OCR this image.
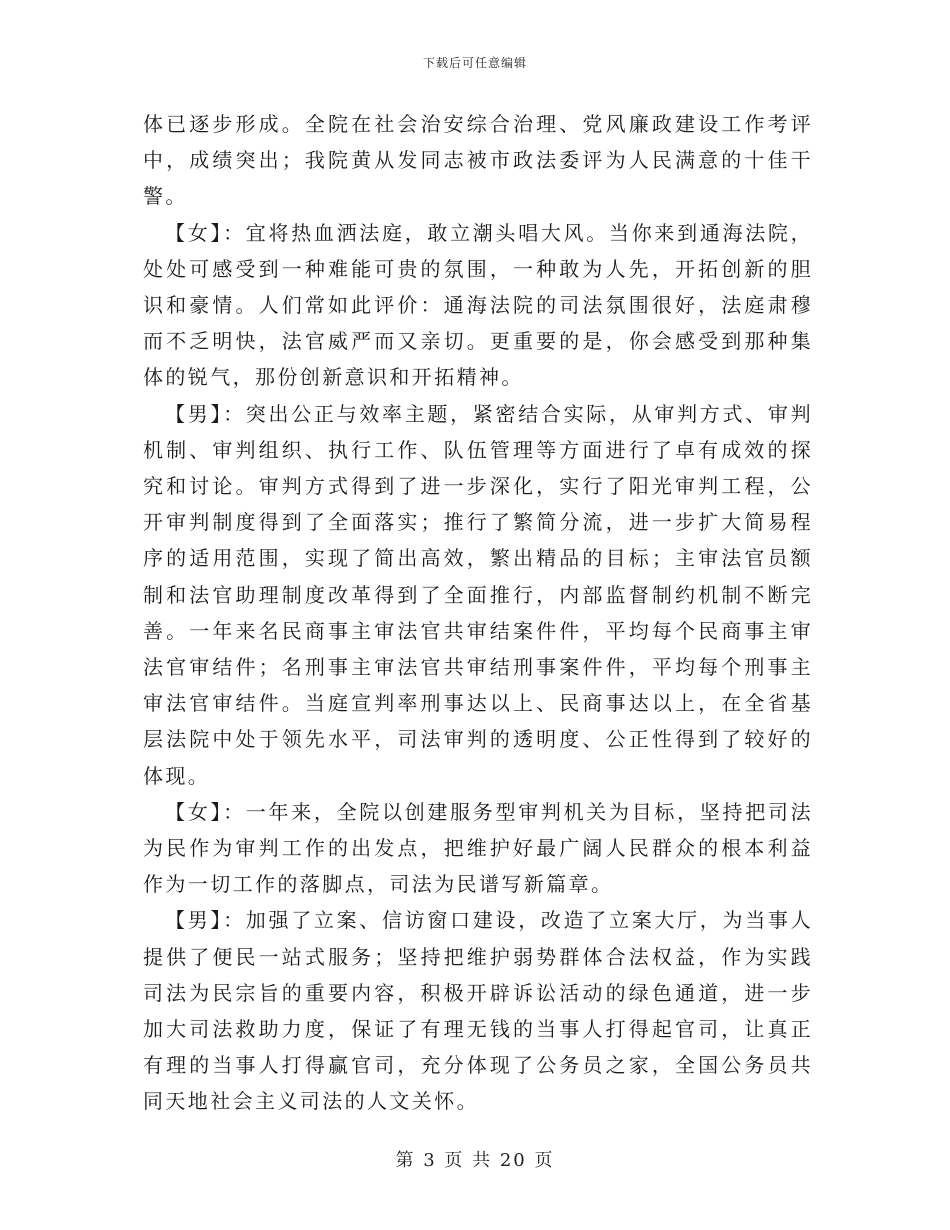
下载后可任意编辑

体已逐步形成。全院在社会治安综合治理、党风廉政建设工作考评中，成绩突出；我院黄从发同志被市政法委评为人民满意的十佳干警。

【女】：宜将热血洒法庭，敢立潮头唱大风。当你来到通海法院，处处可感受到一种难能可贵的氛围，一种敢为人先，开拓创新的胆识和豪情。人们常如此评价：通海法院的司法氛围很好，法庭肃穆而不乏明快，法官威严而又亲切。更重要的是，你会感受到那种集体的锐气，那份创新意识和开拓精神。

【男】：突出公正与效率主题，紧密结合实际，从审判方式、审判机制、审判组织、执行工作、队伍管理等方面进行了卓有成效的探究和讨论。审判方式得到了进一步深化，实行了阳光审判工程，公开审判制度得到了全面落实；推行了繁简分流，进一步扩大简易程序的适用范围，实现了简出高效，繁出精品的目标；主审法官员额制和法官助理制度改革得到了全面推行，内部监督制约机制不断完善。一年来名民商事主审法官共审结案件件，平均每个民商事主审法官审结件；名刑事主审法官共审结刑事案件件，平均每个刑事主审法官审结件。当庭宣判率刑事达以上、民商事达以上，在全省基层法院中处于领先水平，司法审判的透明度、公正性得到了较好的体现。

【女】：一年来，全院以创建服务型审判机关为目标，坚持把司法为民作为审判工作的出发点，把维护好最广阔人民群众的根本利益作为一切工作的落脚点，司法为民谱写新篇章。

【男】：加强了立案、信访窗口建设，改造了立案大厅，为当事人提供了便民一站式服务；坚持把维护弱势群体合法权益，作为实践司法为民宗旨的重要内容，积极开辟诉讼活动的绿色通道，进一步加大司法救助力度，保证了有理无钱的当事人打得起官司，让真正有理的当事人打得赢官司，充分体现了公务员之家，全国公务员共同天地社会主义司法的人文关怀。

第 3 页 共 20 页
